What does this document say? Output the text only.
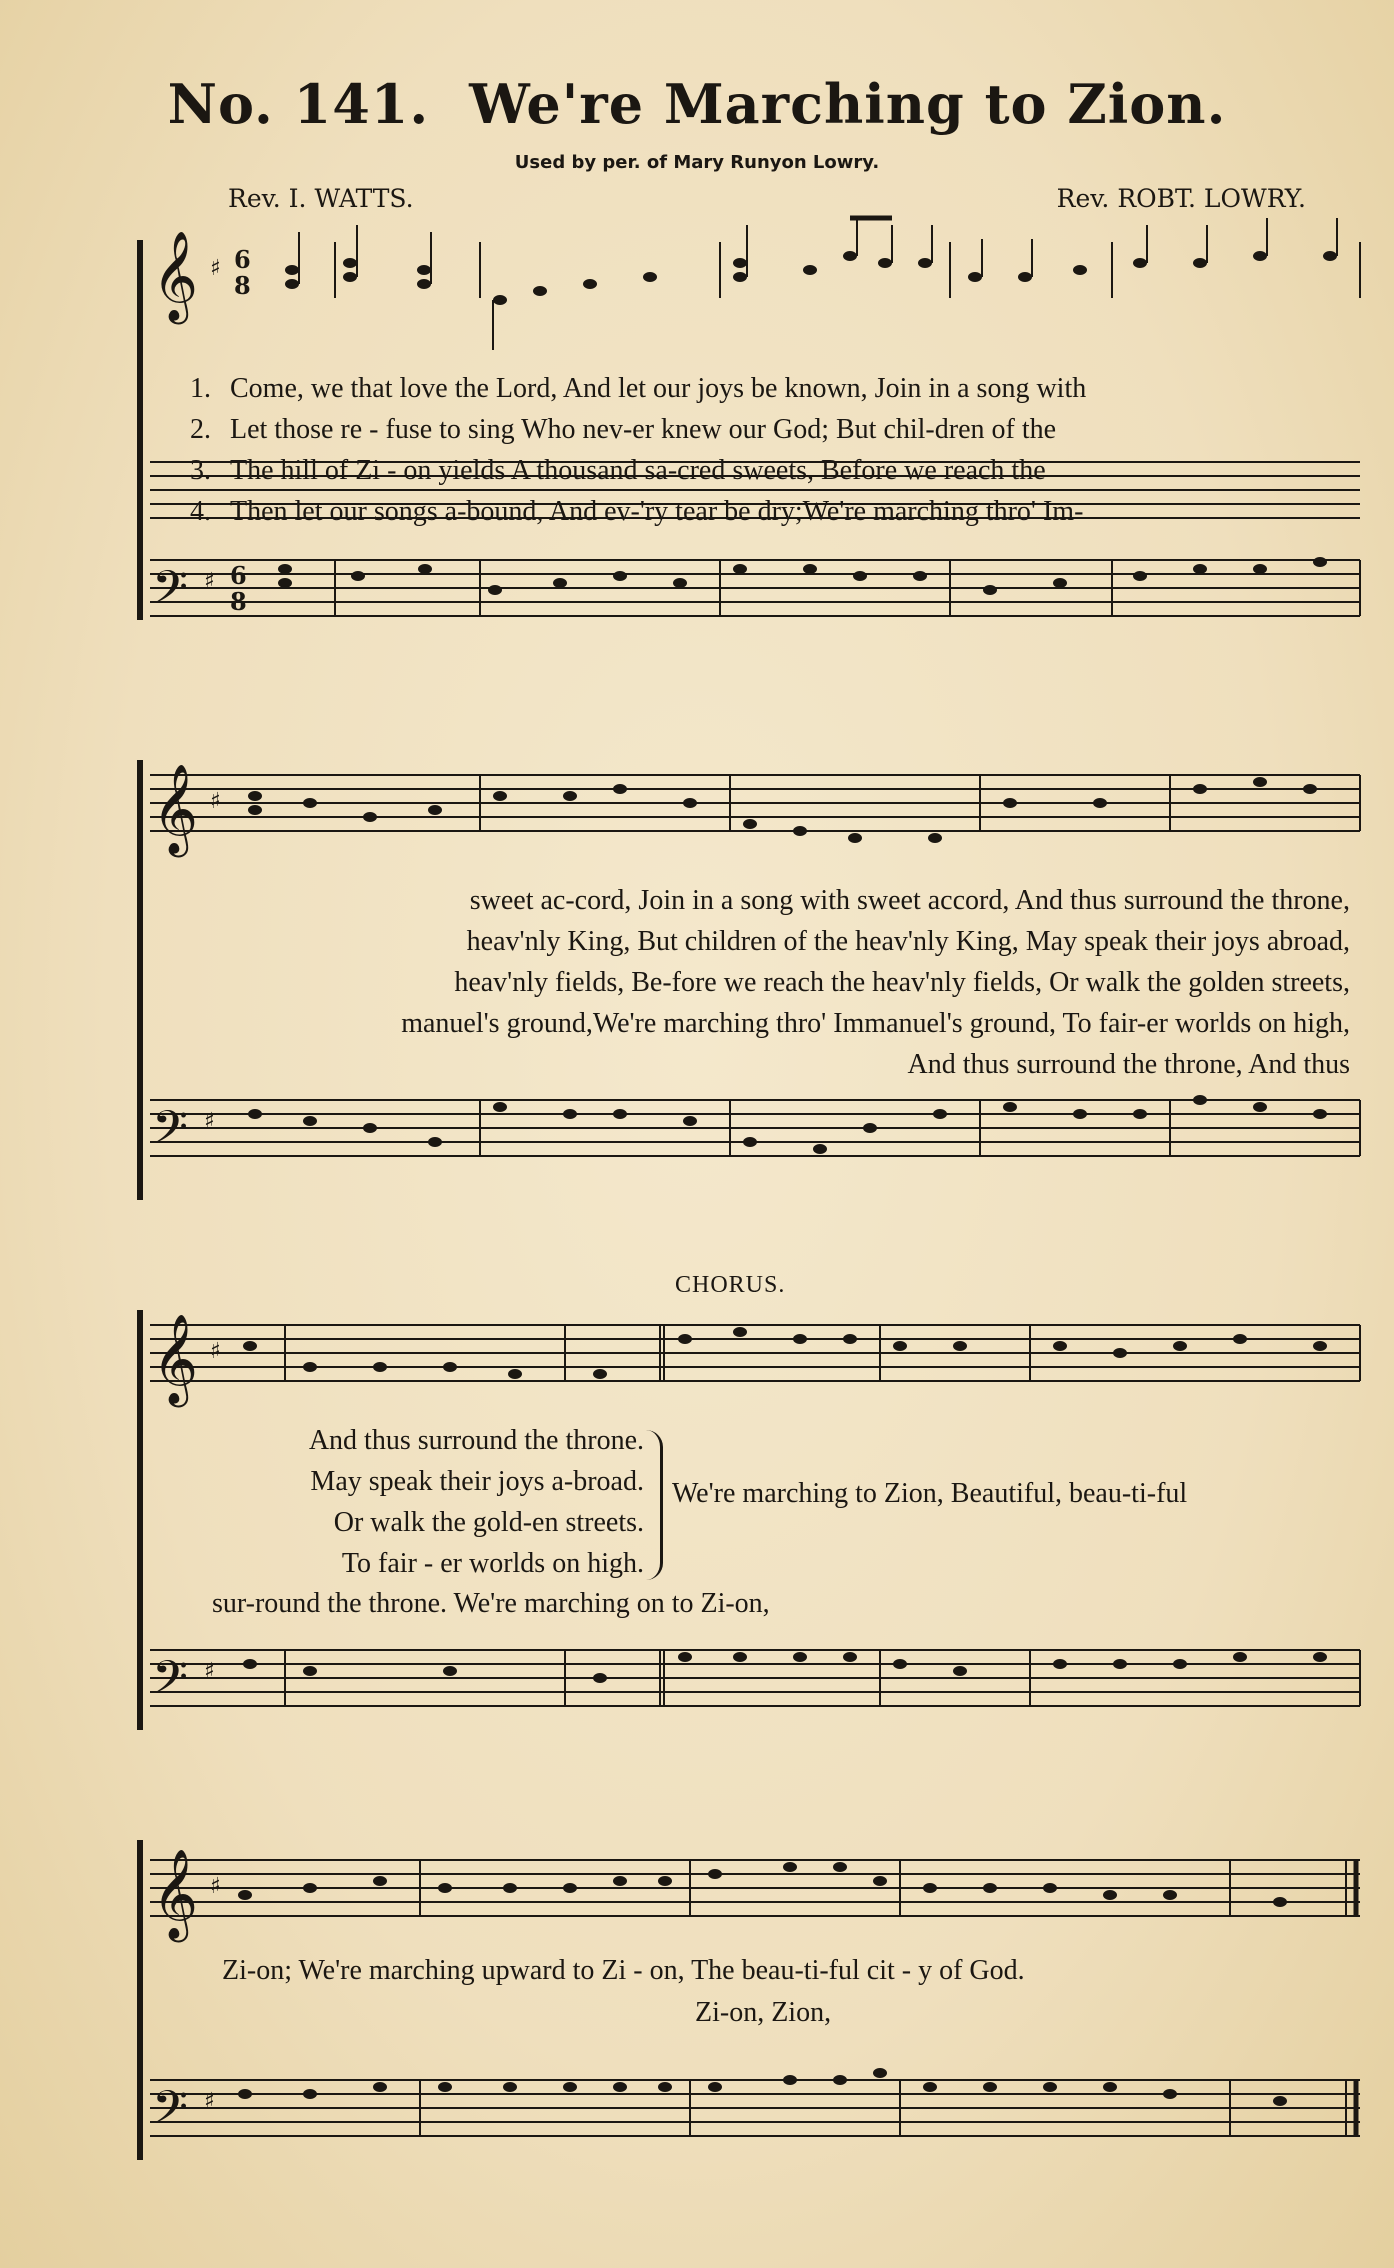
No. 141. We're Marching to Zion.
Used by per. of Mary Runyon Lowry.
Rev. I. WATTS.	Rev. ROBT. LOWRY.
𝄞 ♯ 6
8
𝄢 ♯ 6
8
𝄞 ♯
𝄢 ♯
𝄞 ♯
𝄢 ♯
𝄞 ♯
𝄢 ♯
1. Come, we that love the Lord, And let our joys be known, Join in a song with
2. Let those re - fuse to sing Who nev-er knew our God; But chil-dren of the
3. The hill of Zi - on yields A thousand sa-cred sweets, Before we reach the
4. Then let our songs a-bound, And ev-'ry tear be dry;We're marching thro' Im-
sweet ac-cord, Join in a song with sweet accord, And thus surround the throne,
heav'nly King, But children of the heav'nly King, May speak their joys abroad,
heav'nly fields, Be-fore we reach the heav'nly fields, Or walk the golden streets,
manuel's ground,We're marching thro' Immanuel's ground, To fair-er worlds on high,
And thus surround the throne, And thus
CHORUS.
And thus surround the throne.
May speak their joys a-broad.
Or walk the gold-en streets.
To fair - er worlds on high.
We're marching to Zion, Beautiful, beau-ti-ful
sur-round the throne. We're marching on to Zi-on,
Zi-on; We're marching upward to Zi - on, The beau-ti-ful cit - y of God.
Zi-on, Zion,
